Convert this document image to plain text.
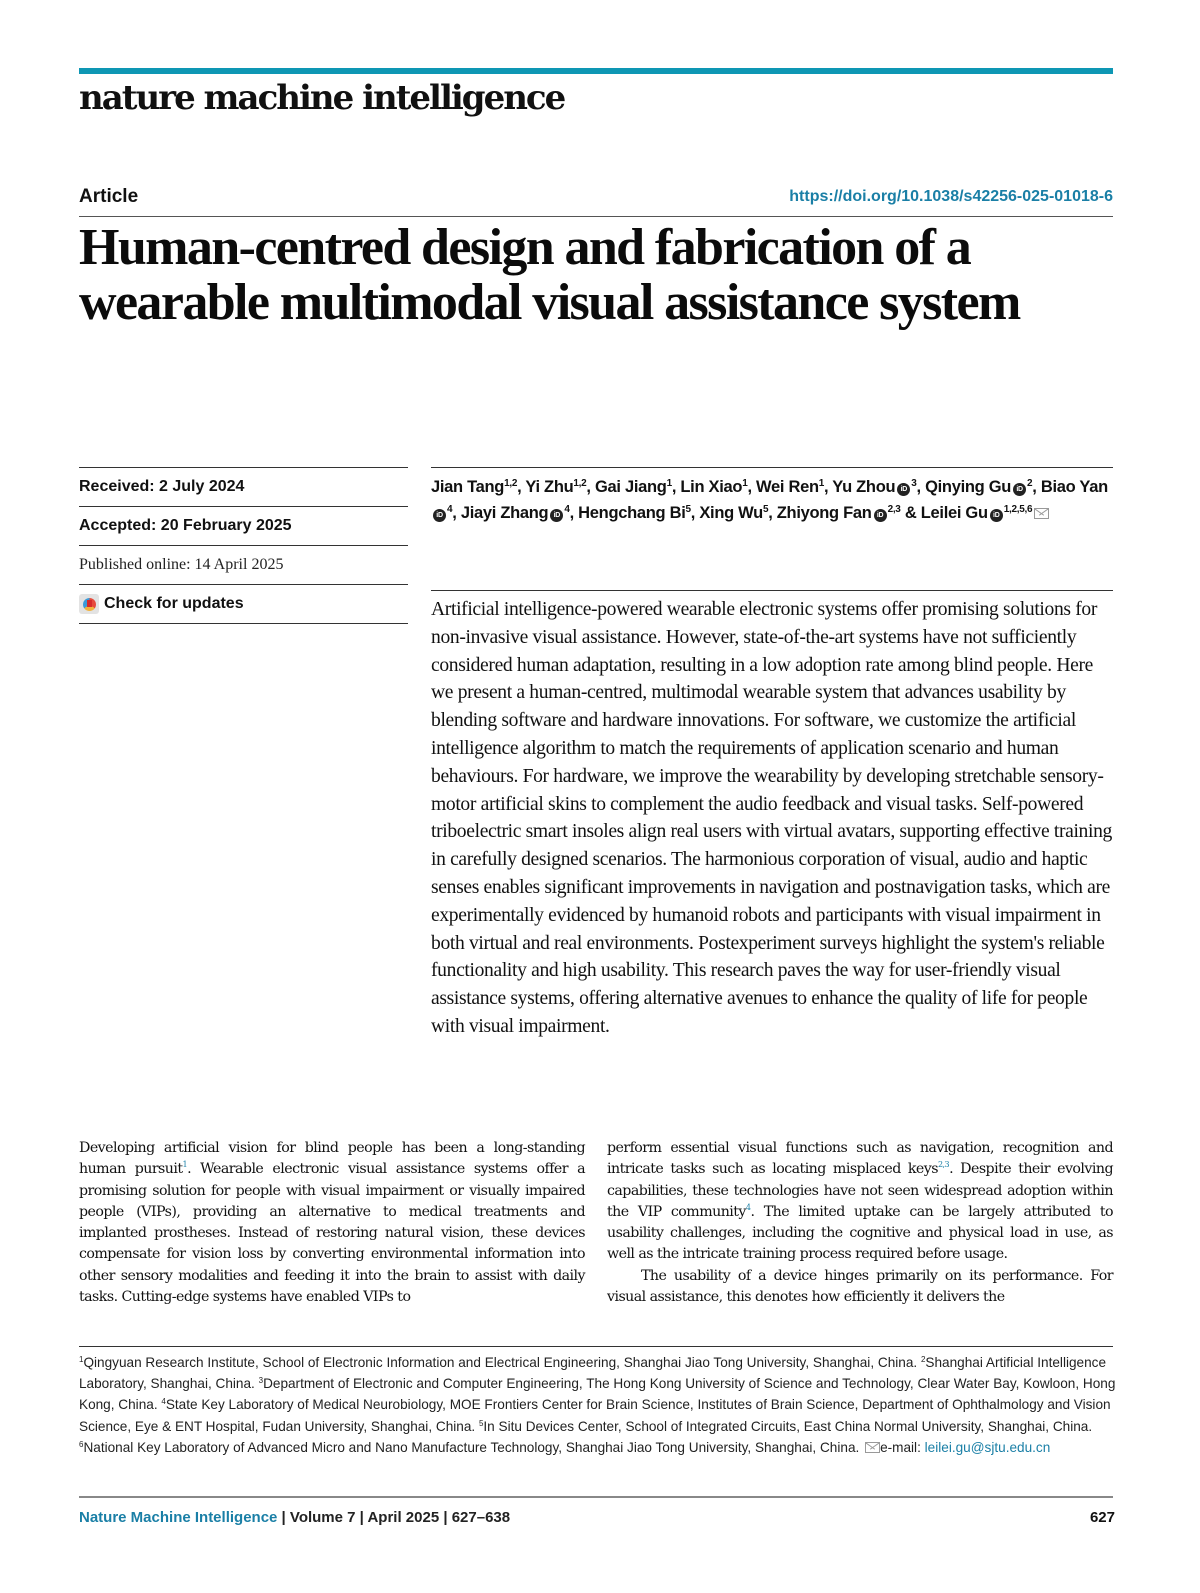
nature machine intelligence
Article	https://doi.org/10.1038/s42256-025-01018-6
Human-centred design and fabrication of a wearable multimodal visual assistance system
Received: 2 July 2024
Accepted: 20 February 2025
Published online: 14 April 2025
Check for updates
Jian Tang$^{1,2}$, Yi Zhu$^{1,2}$, Gai Jiang$^1$, Lin Xiao$^1$, Wei Ren$^1$, Yu Zhou $iD^3$, Qinying Gu $iD^2$, Biao YaniD$^4$, Jiayi Zhang $iD^4$, Hengchang Bi$^5$, Xing Wu$^5$, Zhiyong Fan iD$^{2,3}$ & Leilei Gu iD$^{1,2,5,6}$

Artificial intelligence-powered wearable electronic systems offer promising solutions for non-invasive visual assistance. However, state-of-the-art systems have not sufficiently considered human adaptation, resulting in a low adoption rate among blind people. Here we present a human-centred, multimodal wearable system that advances usability by blending software and hardware innovations. For software, we customize the artificial intelligence algorithm to match the requirements of application scenario and human behaviours. For hardware, we improve the wearability by developing stretchable sensory-motor artificial skins to complement the audio feedback and visual tasks. Self-powered triboelectric smart insoles align real users with virtual avatars, supporting effective training in carefully designed scenarios. The harmonious corporation of visual, audio and haptic senses enables significant improvements in navigation and postnavigation tasks, which are experimentally evidenced by humanoid robots and participants with visual impairment in both virtual and real environments. Postexperiment surveys highlight the system's reliable functionality and high usability. This research paves the way for user-friendly visual assistance systems, offering alternative avenues to enhance the quality of life for people with visual impairment.

Developing artificial vision for blind people has been a long-standing human pursuit$^1$. Wearable electronic visual assistance systems offer a promising solution for people with visual impairment or visually impaired people (VIPs), providing an alternative to medical treatments and implanted prostheses. Instead of restoring natural vision, these devices compensate for vision loss by converting environmental information into other sensory modalities and feeding it into the brain to assist with daily tasks. Cutting-edge systems have enabled VIPs to

perform essential visual functions such as navigation, recognition and intricate tasks such as locating misplaced keys$^{2,3}$. Despite their evolving capabilities, these technologies have not seen widespread adoption within the VIP community$^4$. The limited uptake can be largely attributed to usability challenges, including the cognitive and physical load in use, as well as the intricate training process required before usage.
The usability of a device hinges primarily on its performance. For visual assistance, this denotes how efficiently it delivers the

$^1$Qingyuan Research Institute, School of Electronic Information and Electrical Engineering, Shanghai Jiao Tong University, Shanghai, China. $^2$Shanghai Artificial Intelligence Laboratory, Shanghai, China. $^3$Department of Electronic and Computer Engineering, The Hong Kong University of Science and Technology, Clear Water Bay, Kowloon, Hong Kong, China. $^4$State Key Laboratory of Medical Neurobiology, MOE Frontiers Center for Brain Science, Institutes of Brain Science, Department of Ophthalmology and Vision Science, Eye & ENT Hospital, Fudan University, Shanghai, China. $^5$In Situ Devices Center, School of Integrated Circuits, East China Normal University, Shanghai, China. $^6$National Key Laboratory of Advanced Micro and Nano Manufacture Technology, Shanghai Jiao Tong University, Shanghai, China. e-mail: leilei.gu@sjtu.edu.cn

Nature Machine Intelligence | Volume 7 | April 2025 | 627–638	627
